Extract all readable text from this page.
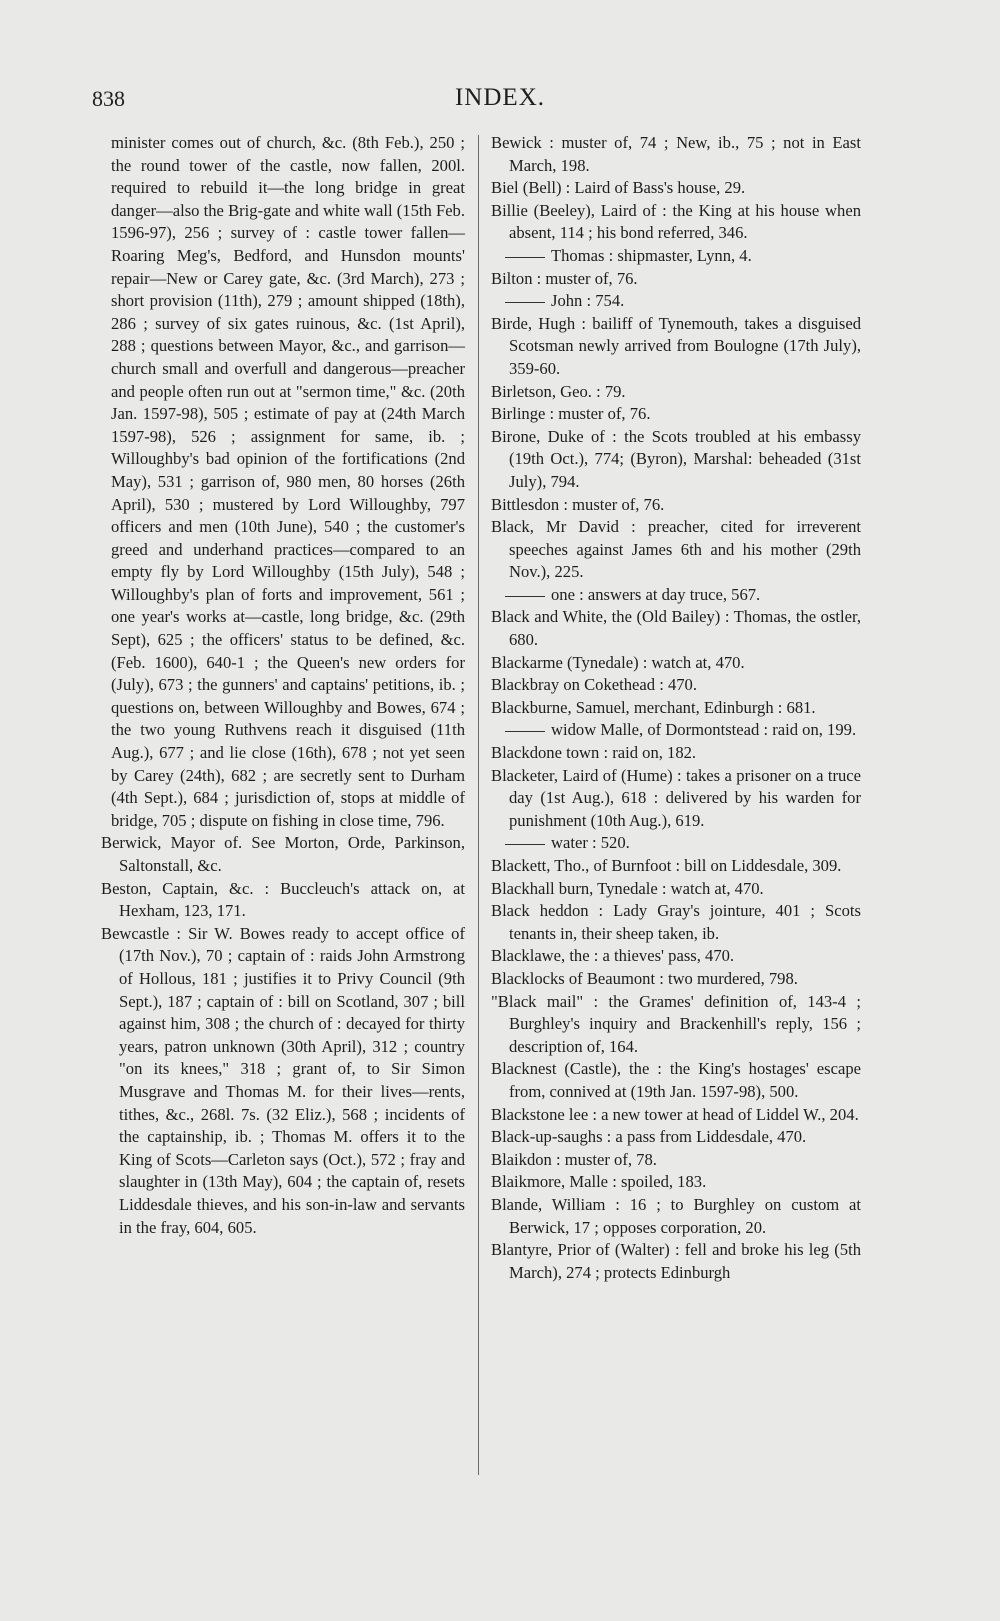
838	INDEX.

minister comes out of church, &c. (8th Feb.), 250 ; the round tower of the castle, now fallen, 200l. required to rebuild it—the long bridge in great danger—also the Brig-gate and white wall (15th Feb. 1596-97), 256 ; survey of : castle tower fallen—Roaring Meg's, Bedford, and Hunsdon mounts' repair—New or Carey gate, &c. (3rd March), 273 ; short provision (11th), 279 ; amount shipped (18th), 286 ; survey of six gates ruinous, &c. (1st April), 288 ; questions between Mayor, &c., and garrison—church small and overfull and dangerous—preacher and people often run out at "sermon time," &c. (20th Jan. 1597-98), 505 ; estimate of pay at (24th March 1597-98), 526 ; assignment for same, ib. ; Willoughby's bad opinion of the fortifications (2nd May), 531 ; garrison of, 980 men, 80 horses (26th April), 530 ; mustered by Lord Willoughby, 797 officers and men (10th June), 540 ; the customer's greed and underhand practices—compared to an empty fly by Lord Willoughby (15th July), 548 ; Willoughby's plan of forts and improvement, 561 ; one year's works at—castle, long bridge, &c. (29th Sept), 625 ; the officers' status to be defined, &c. (Feb. 1600), 640-1 ; the Queen's new orders for (July), 673 ; the gunners' and captains' petitions, ib. ; questions on, between Willoughby and Bowes, 674 ; the two young Ruthvens reach it disguised (11th Aug.), 677 ; and lie close (16th), 678 ; not yet seen by Carey (24th), 682 ; are secretly sent to Durham (4th Sept.), 684 ; jurisdiction of, stops at middle of bridge, 705 ; dispute on fishing in close time, 796.

Berwick, Mayor of. See Morton, Orde, Parkinson, Saltonstall, &c.

Beston, Captain, &c. : Buccleuch's attack on, at Hexham, 123, 171.

Bewcastle : Sir W. Bowes ready to accept office of (17th Nov.), 70 ; captain of : raids John Armstrong of Hollous, 181 ; justifies it to Privy Council (9th Sept.), 187 ; captain of : bill on Scotland, 307 ; bill against him, 308 ; the church of : decayed for thirty years, patron unknown (30th April), 312 ; country "on its knees," 318 ; grant of, to Sir Simon Musgrave and Thomas M. for their lives—rents, tithes, &c., 268l. 7s. (32 Eliz.), 568 ; incidents of the captainship, ib. ; Thomas M. offers it to the King of Scots—Carleton says (Oct.), 572 ; fray and slaughter in (13th May), 604 ; the captain of, resets Liddesdale thieves, and his son-in-law and servants in the fray, 604, 605.

Bewick : muster of, 74 ; New, ib., 75 ; not in East March, 198.

Biel (Bell) : Laird of Bass's house, 29.

Billie (Beeley), Laird of : the King at his house when absent, 114 ; his bond referred, 346.

Thomas : shipmaster, Lynn, 4.

Bilton : muster of, 76.

John : 754.

Birde, Hugh : bailiff of Tynemouth, takes a disguised Scotsman newly arrived from Boulogne (17th July), 359-60.

Birletson, Geo. : 79.

Birlinge : muster of, 76.

Birone, Duke of : the Scots troubled at his embassy (19th Oct.), 774; (Byron), Marshal: beheaded (31st July), 794.

Bittlesdon : muster of, 76.

Black, Mr David : preacher, cited for irreverent speeches against James 6th and his mother (29th Nov.), 225.

one : answers at day truce, 567.

Black and White, the (Old Bailey) : Thomas, the ostler, 680.

Blackarme (Tynedale) : watch at, 470.

Blackbray on Cokethead : 470.

Blackburne, Samuel, merchant, Edinburgh : 681.

widow Malle, of Dormontstead : raid on, 199.

Blackdone town : raid on, 182.

Blacketer, Laird of (Hume) : takes a prisoner on a truce day (1st Aug.), 618 : delivered by his warden for punishment (10th Aug.), 619.

water : 520.

Blackett, Tho., of Burnfoot : bill on Liddesdale, 309.

Blackhall burn, Tynedale : watch at, 470.

Black heddon : Lady Gray's jointure, 401 ; Scots tenants in, their sheep taken, ib.

Blacklawe, the : a thieves' pass, 470.

Blacklocks of Beaumont : two murdered, 798.

"Black mail" : the Grames' definition of, 143-4 ; Burghley's inquiry and Brackenhill's reply, 156 ; description of, 164.

Blacknest (Castle), the : the King's hostages' escape from, connived at (19th Jan. 1597-98), 500.

Blackstone lee : a new tower at head of Liddel W., 204.

Black-up-saughs : a pass from Liddesdale, 470.

Blaikdon : muster of, 78.

Blaikmore, Malle : spoiled, 183.

Blande, William : 16 ; to Burghley on custom at Berwick, 17 ; opposes corporation, 20.

Blantyre, Prior of (Walter) : fell and broke his leg (5th March), 274 ; protects Edinburgh
